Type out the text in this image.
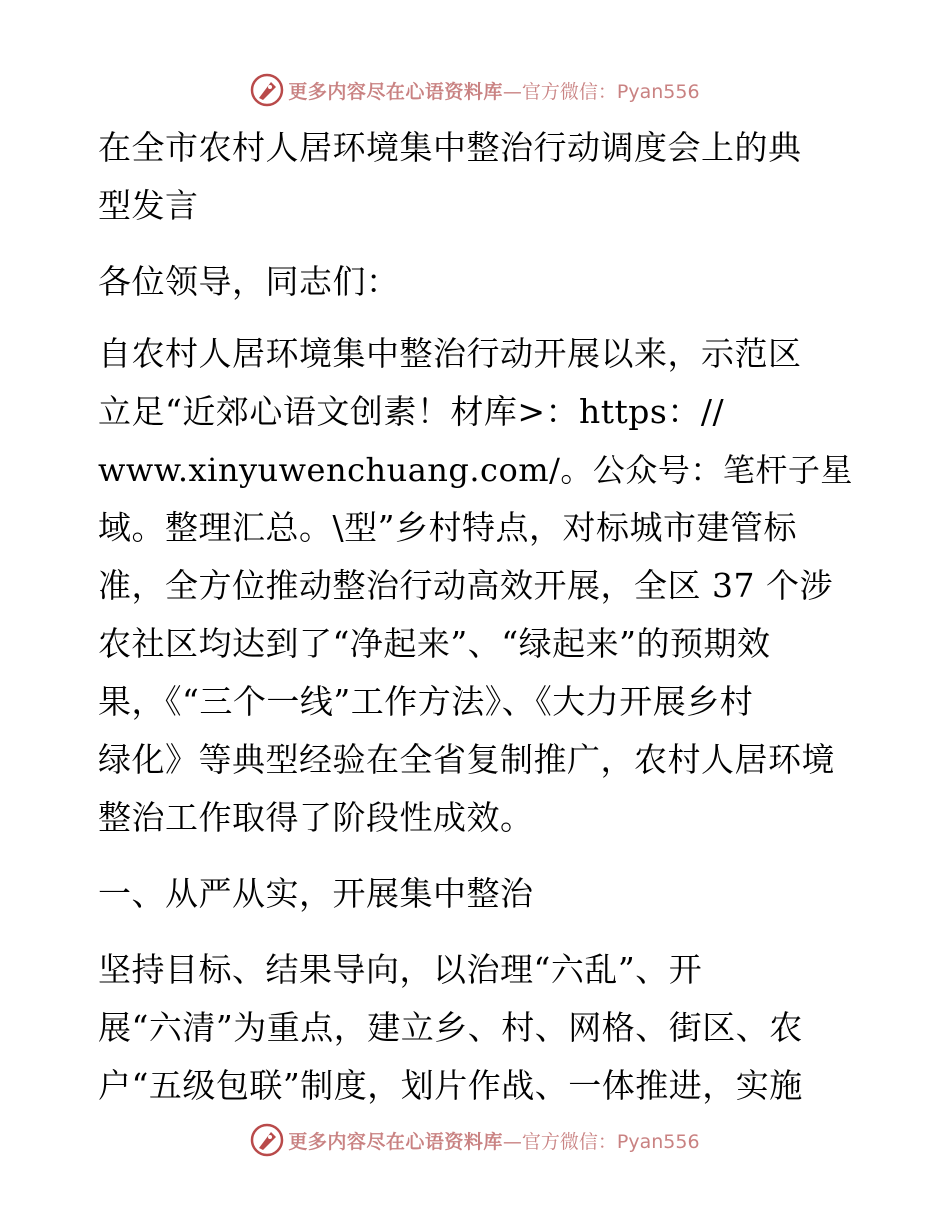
更多内容尽在心语资料库 —官方微信：Pyan556
在全市农村人居环境集中整治行动调度会上的典
型发言
各位领导，同志们：
自农村人居环境集中整治行动开展以来，示范区
立足“近郊心语文创素！材库>：https：//
www.xinyuwenchuang.com/。公众号：笔杆子星
域。整理汇总。\型”乡村特点，对标城市建管标
准，全方位推动整治行动高效开展，全区 37 个涉
农社区均达到了“净起来”、“绿起来”的预期效
果，《“三个一线”工作方法》、《大力开展乡村
绿化》等典型经验在全省复制推广，农村人居环境
整治工作取得了阶段性成效。
一、从严从实，开展集中整治
坚持目标、结果导向，以治理“六乱”、开
展“六清”为重点，建立乡、村、网格、街区、农
户“五级包联”制度，划片作战、一体推进，实施
更多内容尽在心语资料库 —官方微信：Pyan556
